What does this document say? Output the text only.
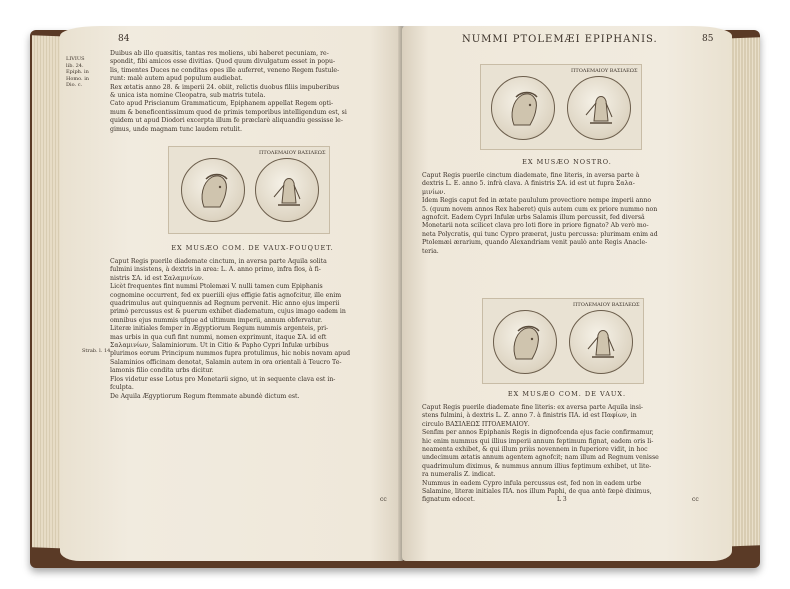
84
LIVIUS
lib. 24.
Epiph. in
Homo. in
Dio. c.
Duibus ab illo quæsitis, tantas res moliens, ubi haberet pecuniam, re-
spondit, fibi amicos esse divitias. Quod quum divulgatum esset in popu-
lis, timentes Duces ne conditas opes ille auferret, veneno Regem fustule-
runt: malè autem apud populum audiebat.
Rex ætatis anno 28. & imperii 24. obiit, relictis duobus filiis impuberibus
& unica ista nomine Cleopatra, sub matris tutela.
Cato apud Priscianum Grammaticum, Epiphanem appellat Regem opti-
mum & beneficentissimum quod de primis temporibus intelligendum est, si
quidem ut apud Diodori excerpta illum fe præclarè aliquandiu gessisse le-
gimus, unde magnam tunc laudem retulit.
ΠΤΟΛΕΜΑΙΟΥ ΒΑΣΙΛΕΩΣ
EX MUSÆO COM. DE VAUX-FOUQUET.
Strab. l. 14.
Caput Regis puerile diademate cinctum, in aversa parte Aquila solita
fulmini insistens, à dextris in area: L. A. anno primo, infra flos, à fi-
nistris ΣΑ. id est Σαλαμινίων.
Licèt frequentes fint nummi Ptolemæi V. nulli tamen cum Epiphanis
cognomine occurrent, fed ex pueriili ejus effigie fatis agnofcitur, ille enim
quadrimulus aut quinquennis ad Regnum pervenit. Hic anno ejus imperii
primò percussus est & puerum exhibet diadematum, cujus imago eadem in
omnibus ejus nummis ufque ad ultimum imperii, annum obfervatur.
Literæ initiales femper in Ægyptiorum Regum nummis argenteis, pri-
mas urbis in qua cufi fint nummi, nomen exprimunt, itaque ΣΑ. id eft
Σαλαμινίων, Salaminiorum. Ut in Citio & Papho Cypri Infulæ urbibus
plurimos eorum Principum nummos fupra protulimus, hic nobis novam apud
Salaminios officinam denotat, Salamin autem in ora orientali à Teucro Te-
lamonis filio condita urbs dicitur.
Flos videtur esse Lotus pro Monetarii signo, ut in sequente clava est in-
fculpta.
De Aquila Ægyptiorum Regum ftemmate abundè dictum est.
cc
NUMMI PTOLEMÆI EPIPHANIS.	85
ΠΤΟΛΕΜΑΙΟΥ ΒΑΣΙΛΕΩΣ
EX MUSÆO NOSTRO.
Caput Regis puerile cinctum diademate, fine literis, in aversa parte à
dextris L. E. anno 5. infrà clava. A finistris ΣΑ. id est ut fupra Σαλα-
μινίων.
Idem Regis caput fed in ætate paululum provectiore nempe imperii anno
5. (quum novem annos Rex haberet) quis autem cum ex priore nummo non
agnofcit. Eadem Cypri Infulæ urbs Salamis illum percussit, fed diversâ
Monetarii nota scilicet clava pro loti flore in priore fignato? Ab verò mo-
neta Polycratis, qui tunc Cypro præerat, justu percussa: plurimam enim ad
Ptolemæi ærarium, quando Alexandriam venit paulò ante Regis Anacle-
teria.
ΠΤΟΛΕΜΑΙΟΥ ΒΑΣΙΛΕΩΣ
EX MUSÆO COM. DE VAUX.
Caput Regis puerile diademate fine literis: ex aversa parte Aquila insi-
stens fulmini, à dextris L. Z. anno 7. à finistris ΠΑ. id est Παφίων, in
circulo ΒΑΣΙΛΕΩΣ ΠΤΟΛΕΜΑΙΟΥ.
Senfim per annos Epiphanis Regis in dignofcenda ejus facie confirmamur,
hic enim nummus qui illius imperii annum feptimum fignat, eadem oris li-
neamenta exhibet, & qui illum priùs novennem in fuperiore vidit, in hoc
undecimum ætatis annum agentem agnofcit; nam illum ad Regnum venisse
quadrimulum diximus, & nummus annum illius feptimum exhibet, ut lite-
ra numeralis Z. indicat.
Nummus in eadem Cypro infula percussus est, fed non in eadem urbe
Salamine, literæ initiales ΠΑ. nos illum Paphi, de qua antè fæpè diximus,
fignatum edocet.	L 3	cc
